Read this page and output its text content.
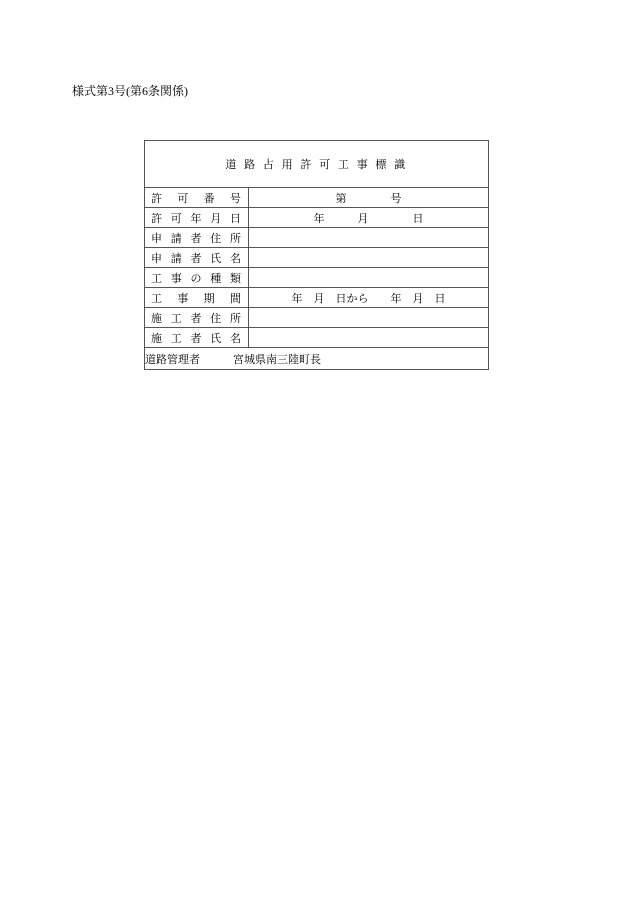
様式第3号(第6条関係)
道 路 占 用 許 可 工 事 標 識	

許可番号	第　　　　号

許可年月日	年　　　月　　　　日

申請者住所	

申請者氏名	

工事の種類	

工事期間	年　月　日から　　年　月　日

施工者住所	

施工者氏名	

道路管理者　　　宮城県南三陸町長	
